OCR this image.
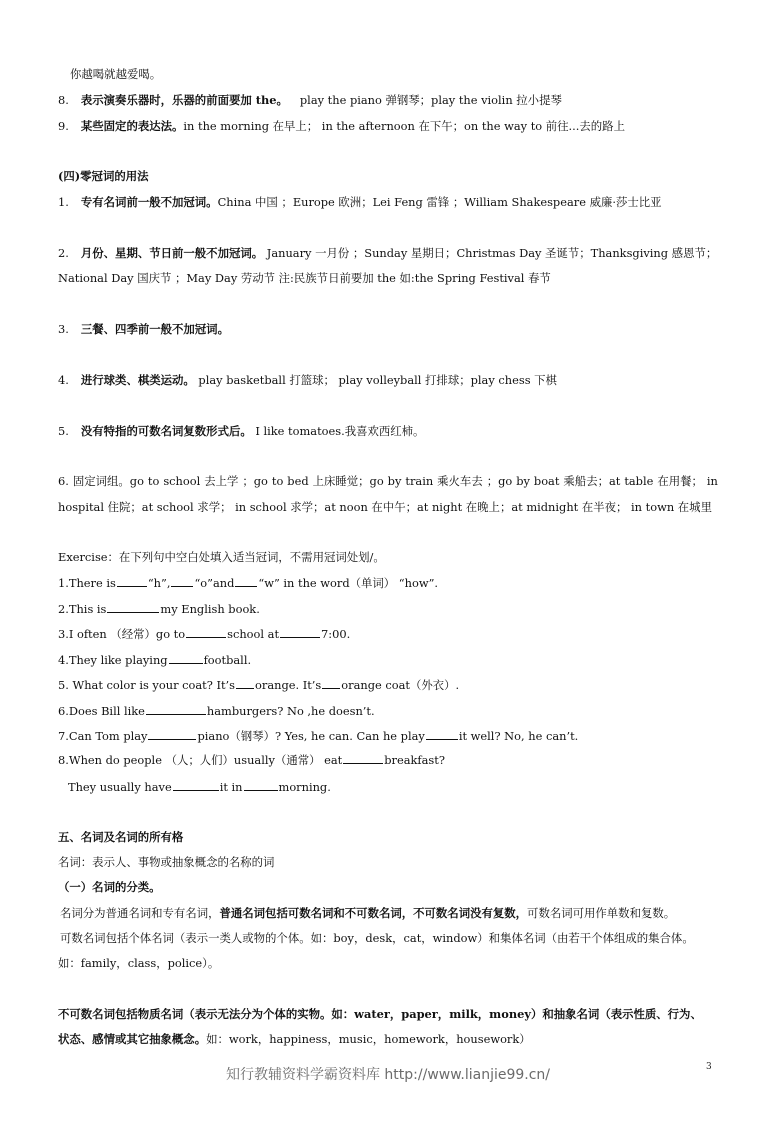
你越喝就越爱喝。
8. 表示演奏乐器时，乐器的前面要加 the。 play the piano 弹钢琴；play the violin 拉小提琴
9. 某些固定的表达法。in the morning 在早上； in the afternoon 在下午；on the way to 前往...去的路上
(四)零冠词的用法
1. 专有名词前一般不加冠词。China 中国 ；Europe 欧洲；Lei Feng 雷锋 ；William Shakespeare 威廉·莎士比亚
2. 月份、星期、节日前一般不加冠词。 January 一月份 ；Sunday 星期日；Christmas Day 圣诞节；Thanksgiving 感恩节；
National Day 国庆节 ；May Day 劳动节 注:民族节日前要加 the 如:the Spring Festival 春节
3. 三餐、四季前一般不加冠词。
4. 进行球类、棋类运动。 play basketball 打篮球； play volleyball 打排球；play chess 下棋
5. 没有特指的可数名词复数形式后。 I like tomatoes.我喜欢西红柿。
6. 固定词组。go to school 去上学 ；go to bed 上床睡觉；go by train 乘火车去 ；go by boat 乘船去；at table 在用餐； in
hospital 住院；at school 求学； in school 求学；at noon 在中午；at night 在晚上；at midnight 在半夜； in town 在城里
Exercise：在下列句中空白处填入适当冠词，不需用冠词处划/。
1.There is	“h”, “o”and “w” in the word（单词） “how”.
2.This is	my English book.
3.I often （经常）go to	school at	7:00.
4.They like playing	football.
5. What color is your coat? It’s orange. It’s orange coat（外衣）.
6.Does Bill like	hamburgers? No ,he doesn’t.
7.Can Tom play	piano（钢琴）? Yes, he can. Can he play	it well? No, he can’t.
8.When do people （人；人们）usually（通常） eat	breakfast?
They usually have	it in	morning.
五、名词及名词的所有格
名词：表示人、事物或抽象概念的名称的词
（一）名词的分类。
名词分为普通名词和专有名词，普通名词包括可数名词和不可数名词，不可数名词没有复数，可数名词可用作单数和复数。
可数名词包括个体名词（表示一类人或物的个体。如：boy，desk，cat，window）和集体名词（由若干个体组成的集合体。
如：family，class，police）。
不可数名词包括物质名词（表示无法分为个体的实物。如：water，paper，milk，money）和抽象名词（表示性质、行为、
状态、感情或其它抽象概念。如：work，happiness，music，homework，housework）
3
知行教辅资料学霸资料库 http://www.lianjie99.cn/
